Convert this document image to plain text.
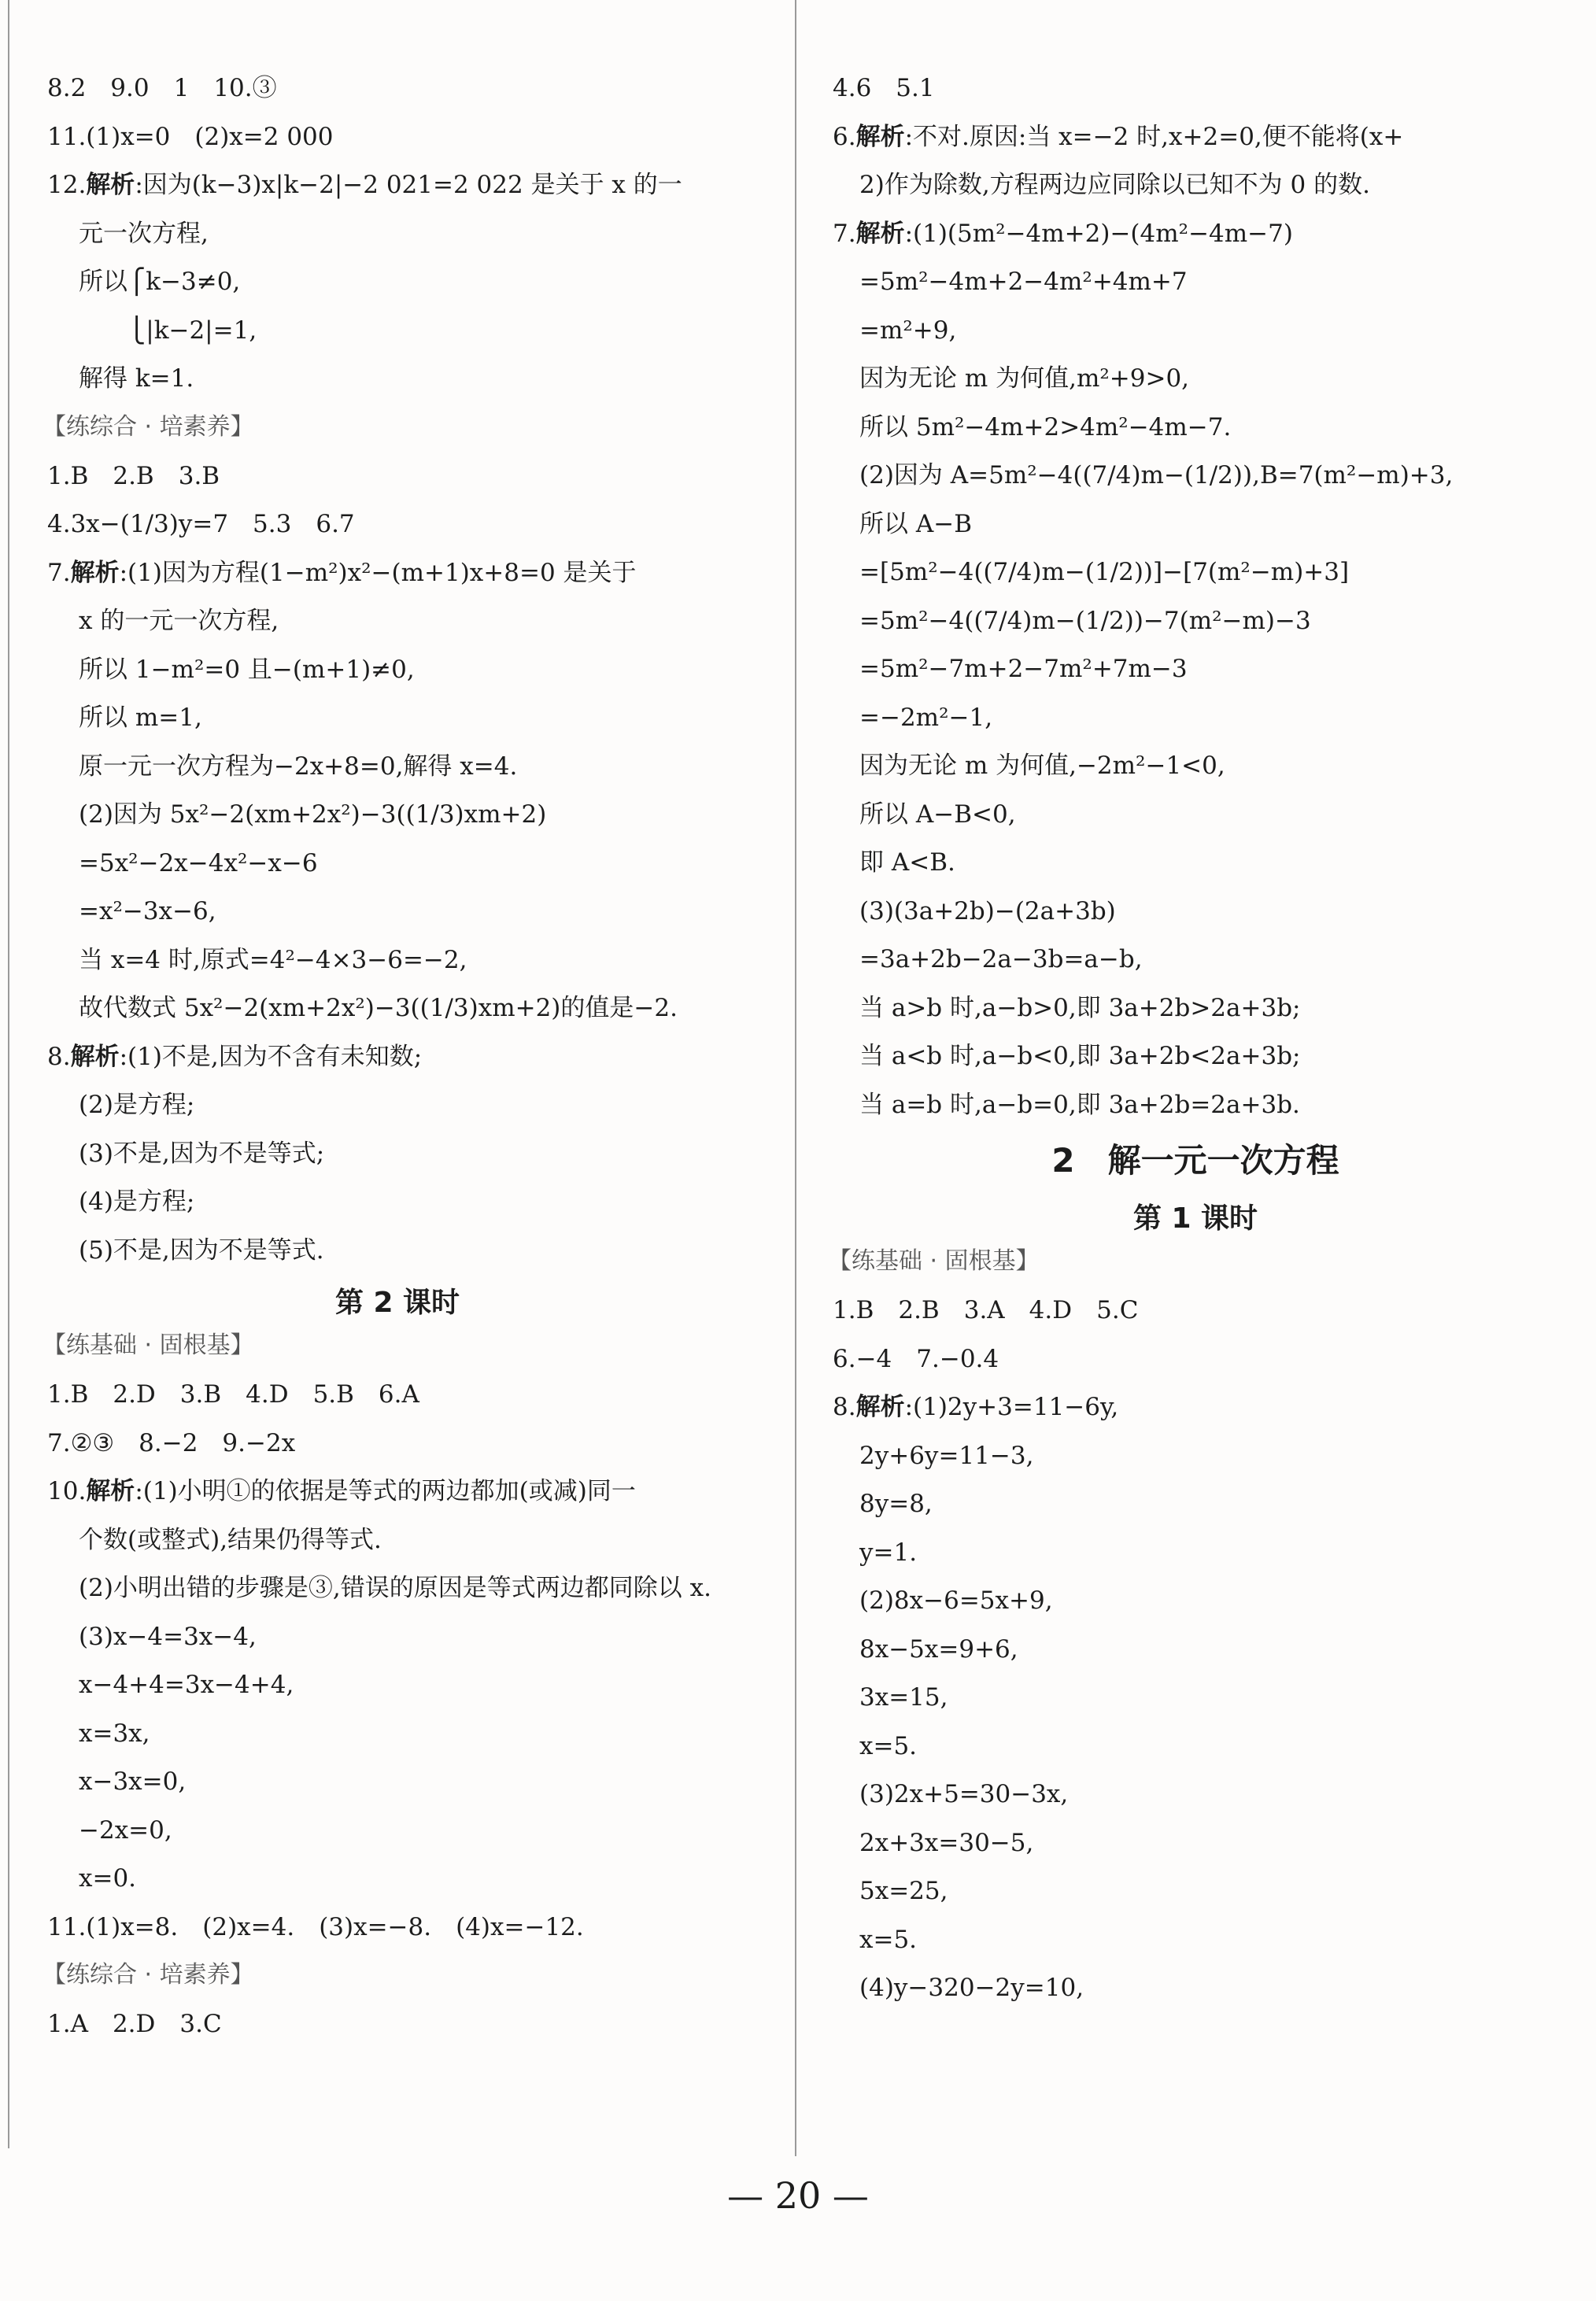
8.2　9.0　1　10.③
11.(1)x=0　(2)x=2 000
12.解析:因为(k−3)x|k−2|−2 021=2 022 是关于 x 的一
元一次方程,
所以⎧k−3≠0,
　　⎩|k−2|=1,
解得 k=1.
【练综合 · 培素养】
1.B　2.B　3.B
4.3x−(1/3)y=7　5.3　6.7
7.解析:(1)因为方程(1−m²)x²−(m+1)x+8=0 是关于
x 的一元一次方程,
所以 1−m²=0 且−(m+1)≠0,
所以 m=1,
原一元一次方程为−2x+8=0,解得 x=4.
(2)因为 5x²−2(xm+2x²)−3((1/3)xm+2)
=5x²−2x−4x²−x−6
=x²−3x−6,
当 x=4 时,原式=4²−4×3−6=−2,
故代数式 5x²−2(xm+2x²)−3((1/3)xm+2)的值是−2.
8.解析:(1)不是,因为不含有未知数;
(2)是方程;
(3)不是,因为不是等式;
(4)是方程;
(5)不是,因为不是等式.
第 2 课时
【练基础 · 固根基】
1.B　2.D　3.B　4.D　5.B　6.A
7.②③　8.−2　9.−2x
10.解析:(1)小明①的依据是等式的两边都加(或减)同一
个数(或整式),结果仍得等式.
(2)小明出错的步骤是③,错误的原因是等式两边都同除以 x.
(3)x−4=3x−4,
x−4+4=3x−4+4,
x=3x,
x−3x=0,
−2x=0,
x=0.
11.(1)x=8.　(2)x=4.　(3)x=−8.　(4)x=−12.
【练综合 · 培素养】
1.A　2.D　3.C
4.6　5.1
6.解析:不对.原因:当 x=−2 时,x+2=0,便不能将(x+
2)作为除数,方程两边应同除以已知不为 0 的数.
7.解析:(1)(5m²−4m+2)−(4m²−4m−7)
=5m²−4m+2−4m²+4m+7
=m²+9,
因为无论 m 为何值,m²+9>0,
所以 5m²−4m+2>4m²−4m−7.
(2)因为 A=5m²−4((7/4)m−(1/2)),B=7(m²−m)+3,
所以 A−B
=[5m²−4((7/4)m−(1/2))]−[7(m²−m)+3]
=5m²−4((7/4)m−(1/2))−7(m²−m)−3
=5m²−7m+2−7m²+7m−3
=−2m²−1,
因为无论 m 为何值,−2m²−1<0,
所以 A−B<0,
即 A<B.
(3)(3a+2b)−(2a+3b)
=3a+2b−2a−3b=a−b,
当 a>b 时,a−b>0,即 3a+2b>2a+3b;
当 a<b 时,a−b<0,即 3a+2b<2a+3b;
当 a=b 时,a−b=0,即 3a+2b=2a+3b.
2　解一元一次方程
第 1 课时
【练基础 · 固根基】
1.B　2.B　3.A　4.D　5.C
6.−4　7.−0.4
8.解析:(1)2y+3=11−6y,
2y+6y=11−3,
8y=8,
y=1.
(2)8x−6=5x+9,
8x−5x=9+6,
3x=15,
x=5.
(3)2x+5=30−3x,
2x+3x=30−5,
5x=25,
x=5.
(4)y−320−2y=10,
— 20 —
